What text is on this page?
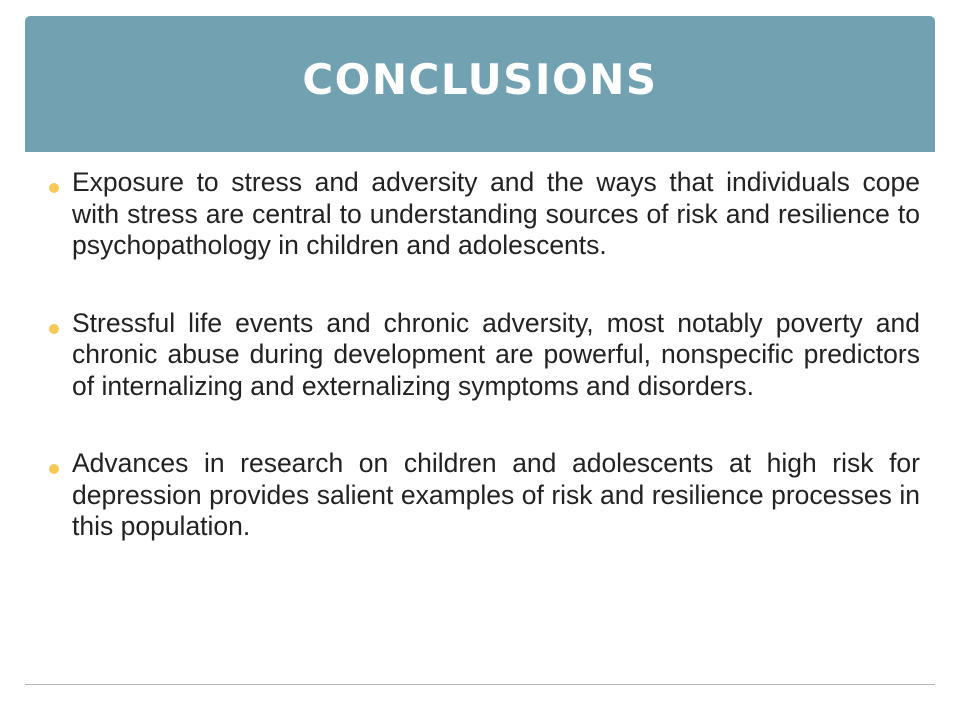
CONCLUSIONS
Exposure to stress and adversity and the ways that individuals cope with stress are central to understanding sources of risk and resilience to psychopathology in children and adolescents.
Stressful life events and chronic adversity, most notably poverty and chronic abuse during development are powerful, nonspecific predictors of internalizing and externalizing symptoms and disorders.
Advances in research on children and adolescents at high risk for depression provides salient examples of risk and resilience processes in this population.
